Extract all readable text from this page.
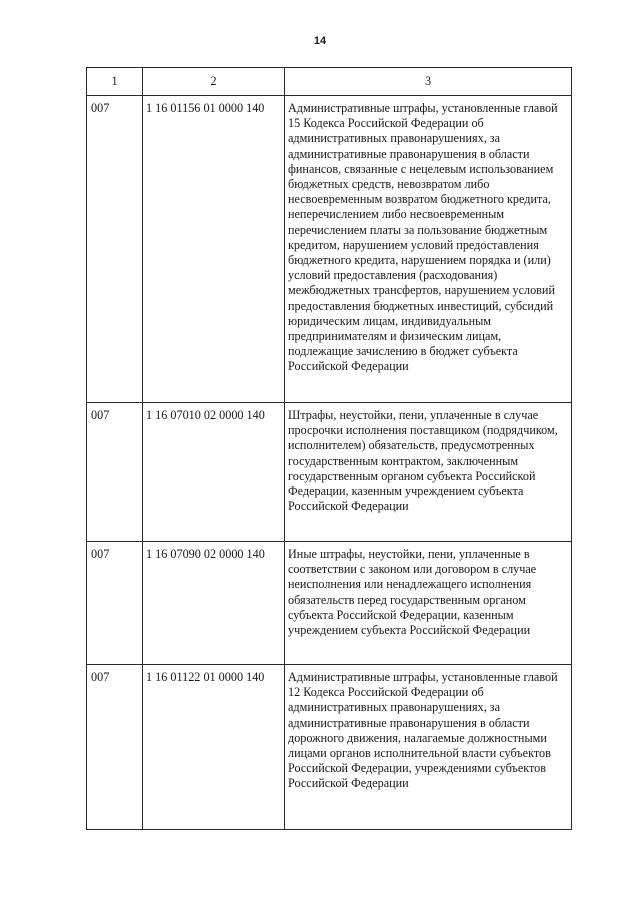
14
1	2	3

007	1 16 01156 01 0000 140	Административные штрафы, установленные главой 15 Кодекса Российской Федерации об административных правонарушениях, за административные правонарушения в области финансов, связанные с нецелевым использованием бюджетных средств, невозвратом либо несвоевременным возвратом бюджетного кредита, неперечислением либо несвоевременным перечислением платы за пользование бюджетным кредитом, нарушением условий предоставления бюджетного кредита, нарушением порядка и (или) условий предоставления (расходования) межбюджетных трансфертов, нарушением условий предоставления бюджетных инвестиций, субсидий юридическим лицам, индивидуальным предпринимателям и физическим лицам, подлежащие зачислению в бюджет субъекта Российской Федерации

007	1 16 07010 02 0000 140	Штрафы, неустойки, пени, уплаченные в случае просрочки исполнения поставщиком (подрядчиком, исполнителем) обязательств, предусмотренных государственным контрактом, заключенным государственным органом субъекта Российской Федерации, казенным учреждением субъекта Российской Федерации

007	1 16 07090 02 0000 140	Иные штрафы, неустойки, пени, уплаченные в соответствии с законом или договором в случае неисполнения или ненадлежащего исполнения обязательств перед государственным органом субъекта Российской Федерации, казенным учреждением субъекта Российской Федерации

007	1 16 01122 01 0000 140	Административные штрафы, установленные главой 12 Кодекса Российской Федерации об административных правонарушениях, за административные правонарушения в области дорожного движения, налагаемые должностными лицами органов исполнительной власти субъектов Российской Федерации, учреждениями субъектов Российской Федерации
